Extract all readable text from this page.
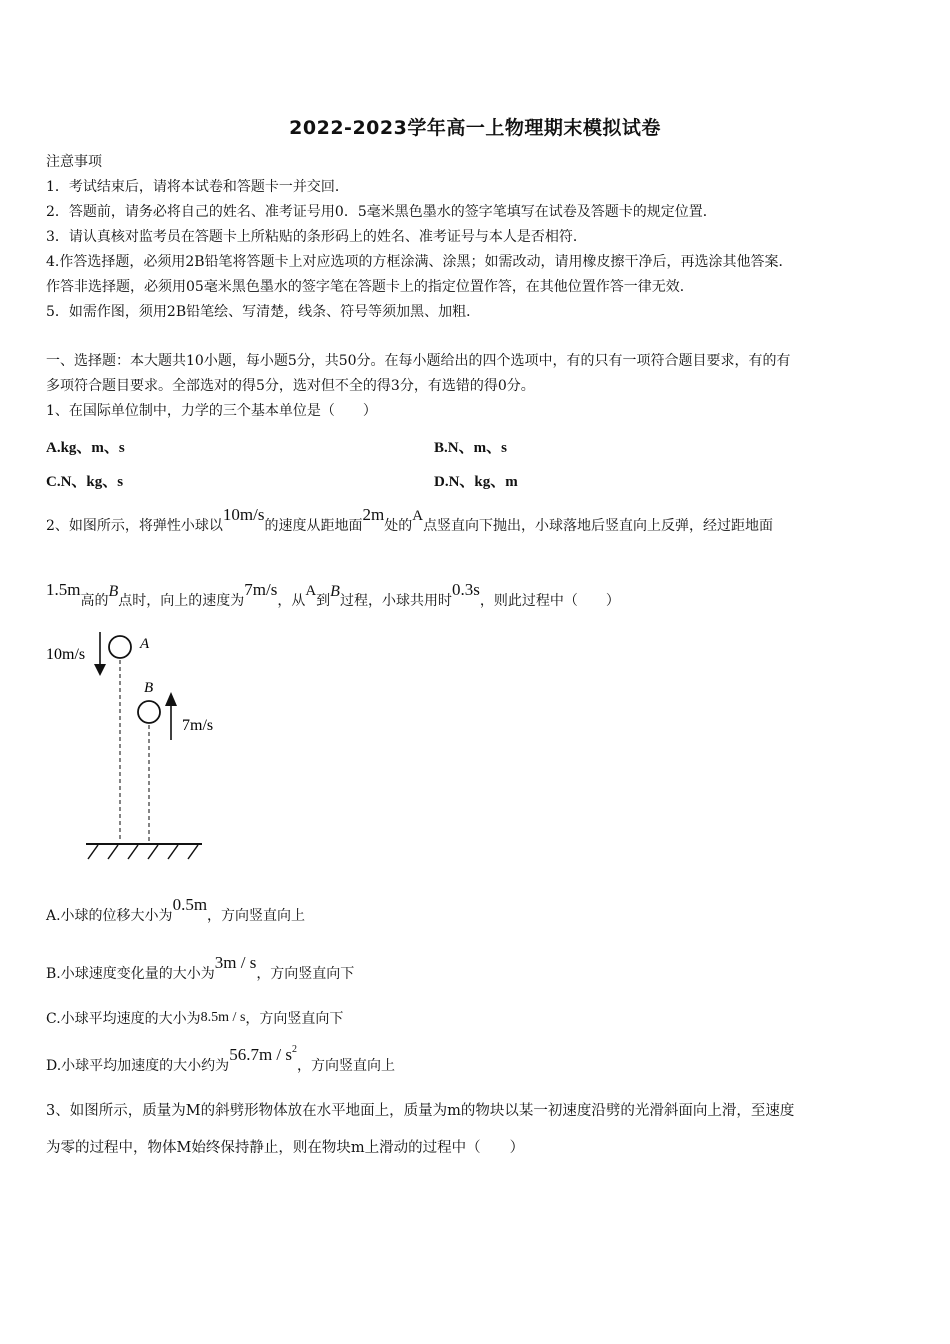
2022-2023学年高一上物理期末模拟试卷
注意事项
1．考试结束后，请将本试卷和答题卡一并交回．
2．答题前，请务必将自己的姓名、准考证号用0．5毫米黑色墨水的签字笔填写在试卷及答题卡的规定位置．
3．请认真核对监考员在答题卡上所粘贴的条形码上的姓名、准考证号与本人是否相符．
4.作答选择题，必须用2B铅笔将答题卡上对应选项的方框涂满、涂黑；如需改动，请用橡皮擦干净后，再选涂其他答案．
作答非选择题，必须用05毫米黑色墨水的签字笔在答题卡上的指定位置作答，在其他位置作答一律无效．
5．如需作图，须用2B铅笔绘、写清楚，线条、符号等须加黑、加粗．
一、选择题：本大题共10小题，每小题5分，共50分。在每小题给出的四个选项中，有的只有一项符合题目要求，有的有
多项符合题目要求。全部选对的得5分，选对但不全的得3分，有选错的得0分。
1、在国际单位制中，力学的三个基本单位是（　　）
A.kg、m、s	B.N、m、s
C.N、kg、s	D.N、kg、m
2、如图所示，将弹性小球以10m/s的速度从距地面2m处的A点竖直向下抛出，小球落地后竖直向上反弹，经过距地面
1.5m高的B点时，向上的速度为7m/s，从A到B过程，小球共用时0.3s，则此过程中（　　）
10m/s
A
B
7m/s
A.小球的位移大小为0.5m，方向竖直向上
B.小球速度变化量的大小为3m / s，方向竖直向下
C.小球平均速度的大小为8.5m / s，方向竖直向下
D.小球平均加速度的大小约为$56.7m / s^2$，方向竖直向上
3、如图所示，质量为M的斜劈形物体放在水平地面上，质量为m的物块以某一初速度沿劈的光滑斜面向上滑，至速度
为零的过程中，物体M始终保持静止，则在物块m上滑动的过程中（　　）
